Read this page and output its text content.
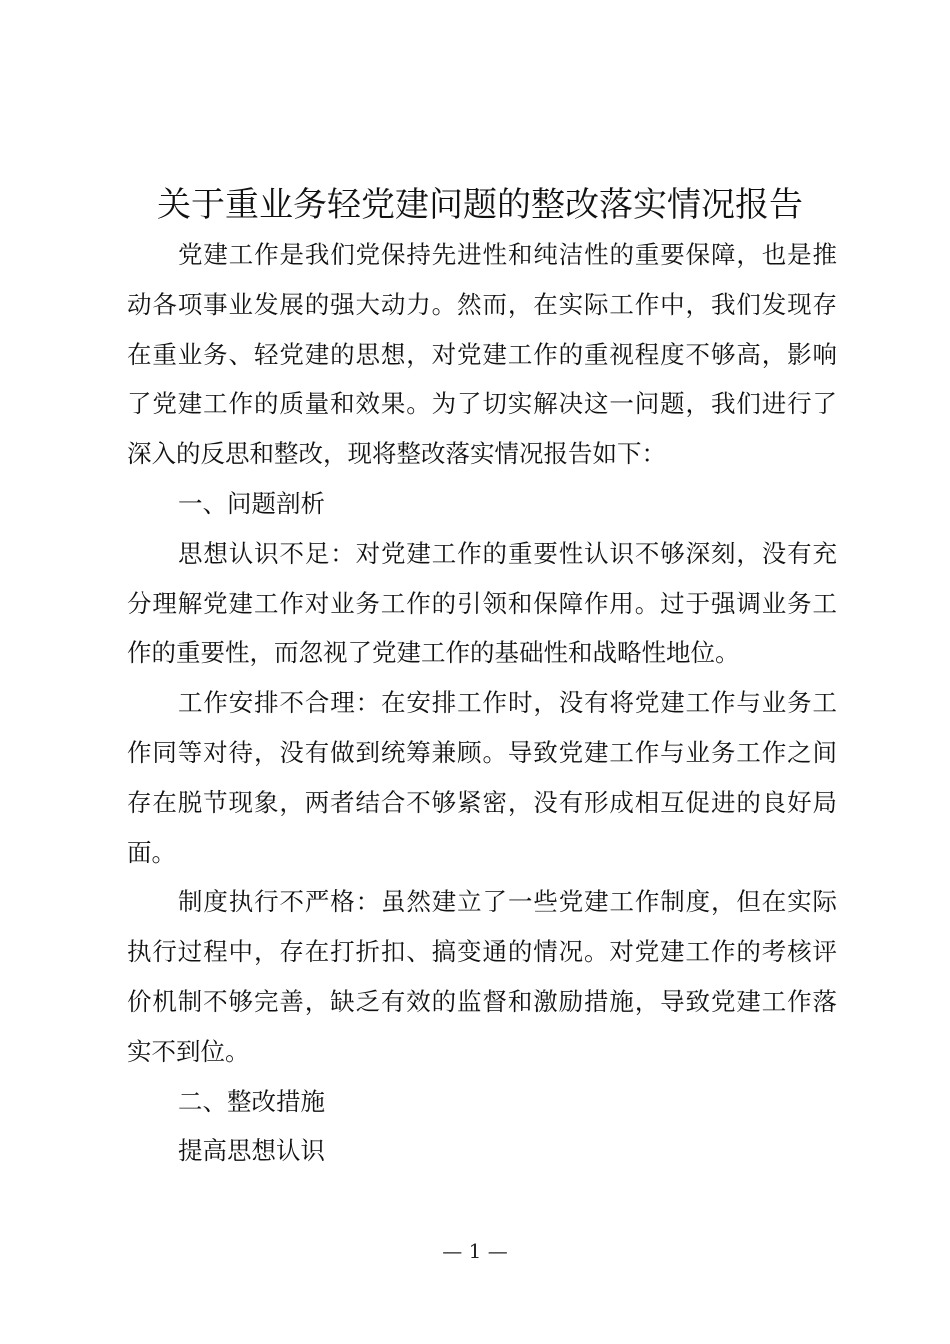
关于重业务轻党建问题的整改落实情况报告

党建工作是我们党保持先进性和纯洁性的重要保障，也是推动各项事业发展的强大动力。然而，在实际工作中，我们发现存在重业务、轻党建的思想，对党建工作的重视程度不够高，影响了党建工作的质量和效果。为了切实解决这一问题，我们进行了深入的反思和整改，现将整改落实情况报告如下：

一、问题剖析

思想认识不足：对党建工作的重要性认识不够深刻，没有充分理解党建工作对业务工作的引领和保障作用。过于强调业务工作的重要性，而忽视了党建工作的基础性和战略性地位。

工作安排不合理：在安排工作时，没有将党建工作与业务工作同等对待，没有做到统筹兼顾。导致党建工作与业务工作之间存在脱节现象，两者结合不够紧密，没有形成相互促进的良好局面。

制度执行不严格：虽然建立了一些党建工作制度，但在实际执行过程中，存在打折扣、搞变通的情况。对党建工作的考核评价机制不够完善，缺乏有效的监督和激励措施，导致党建工作落实不到位。

二、整改措施

提高思想认识

— 1 —
